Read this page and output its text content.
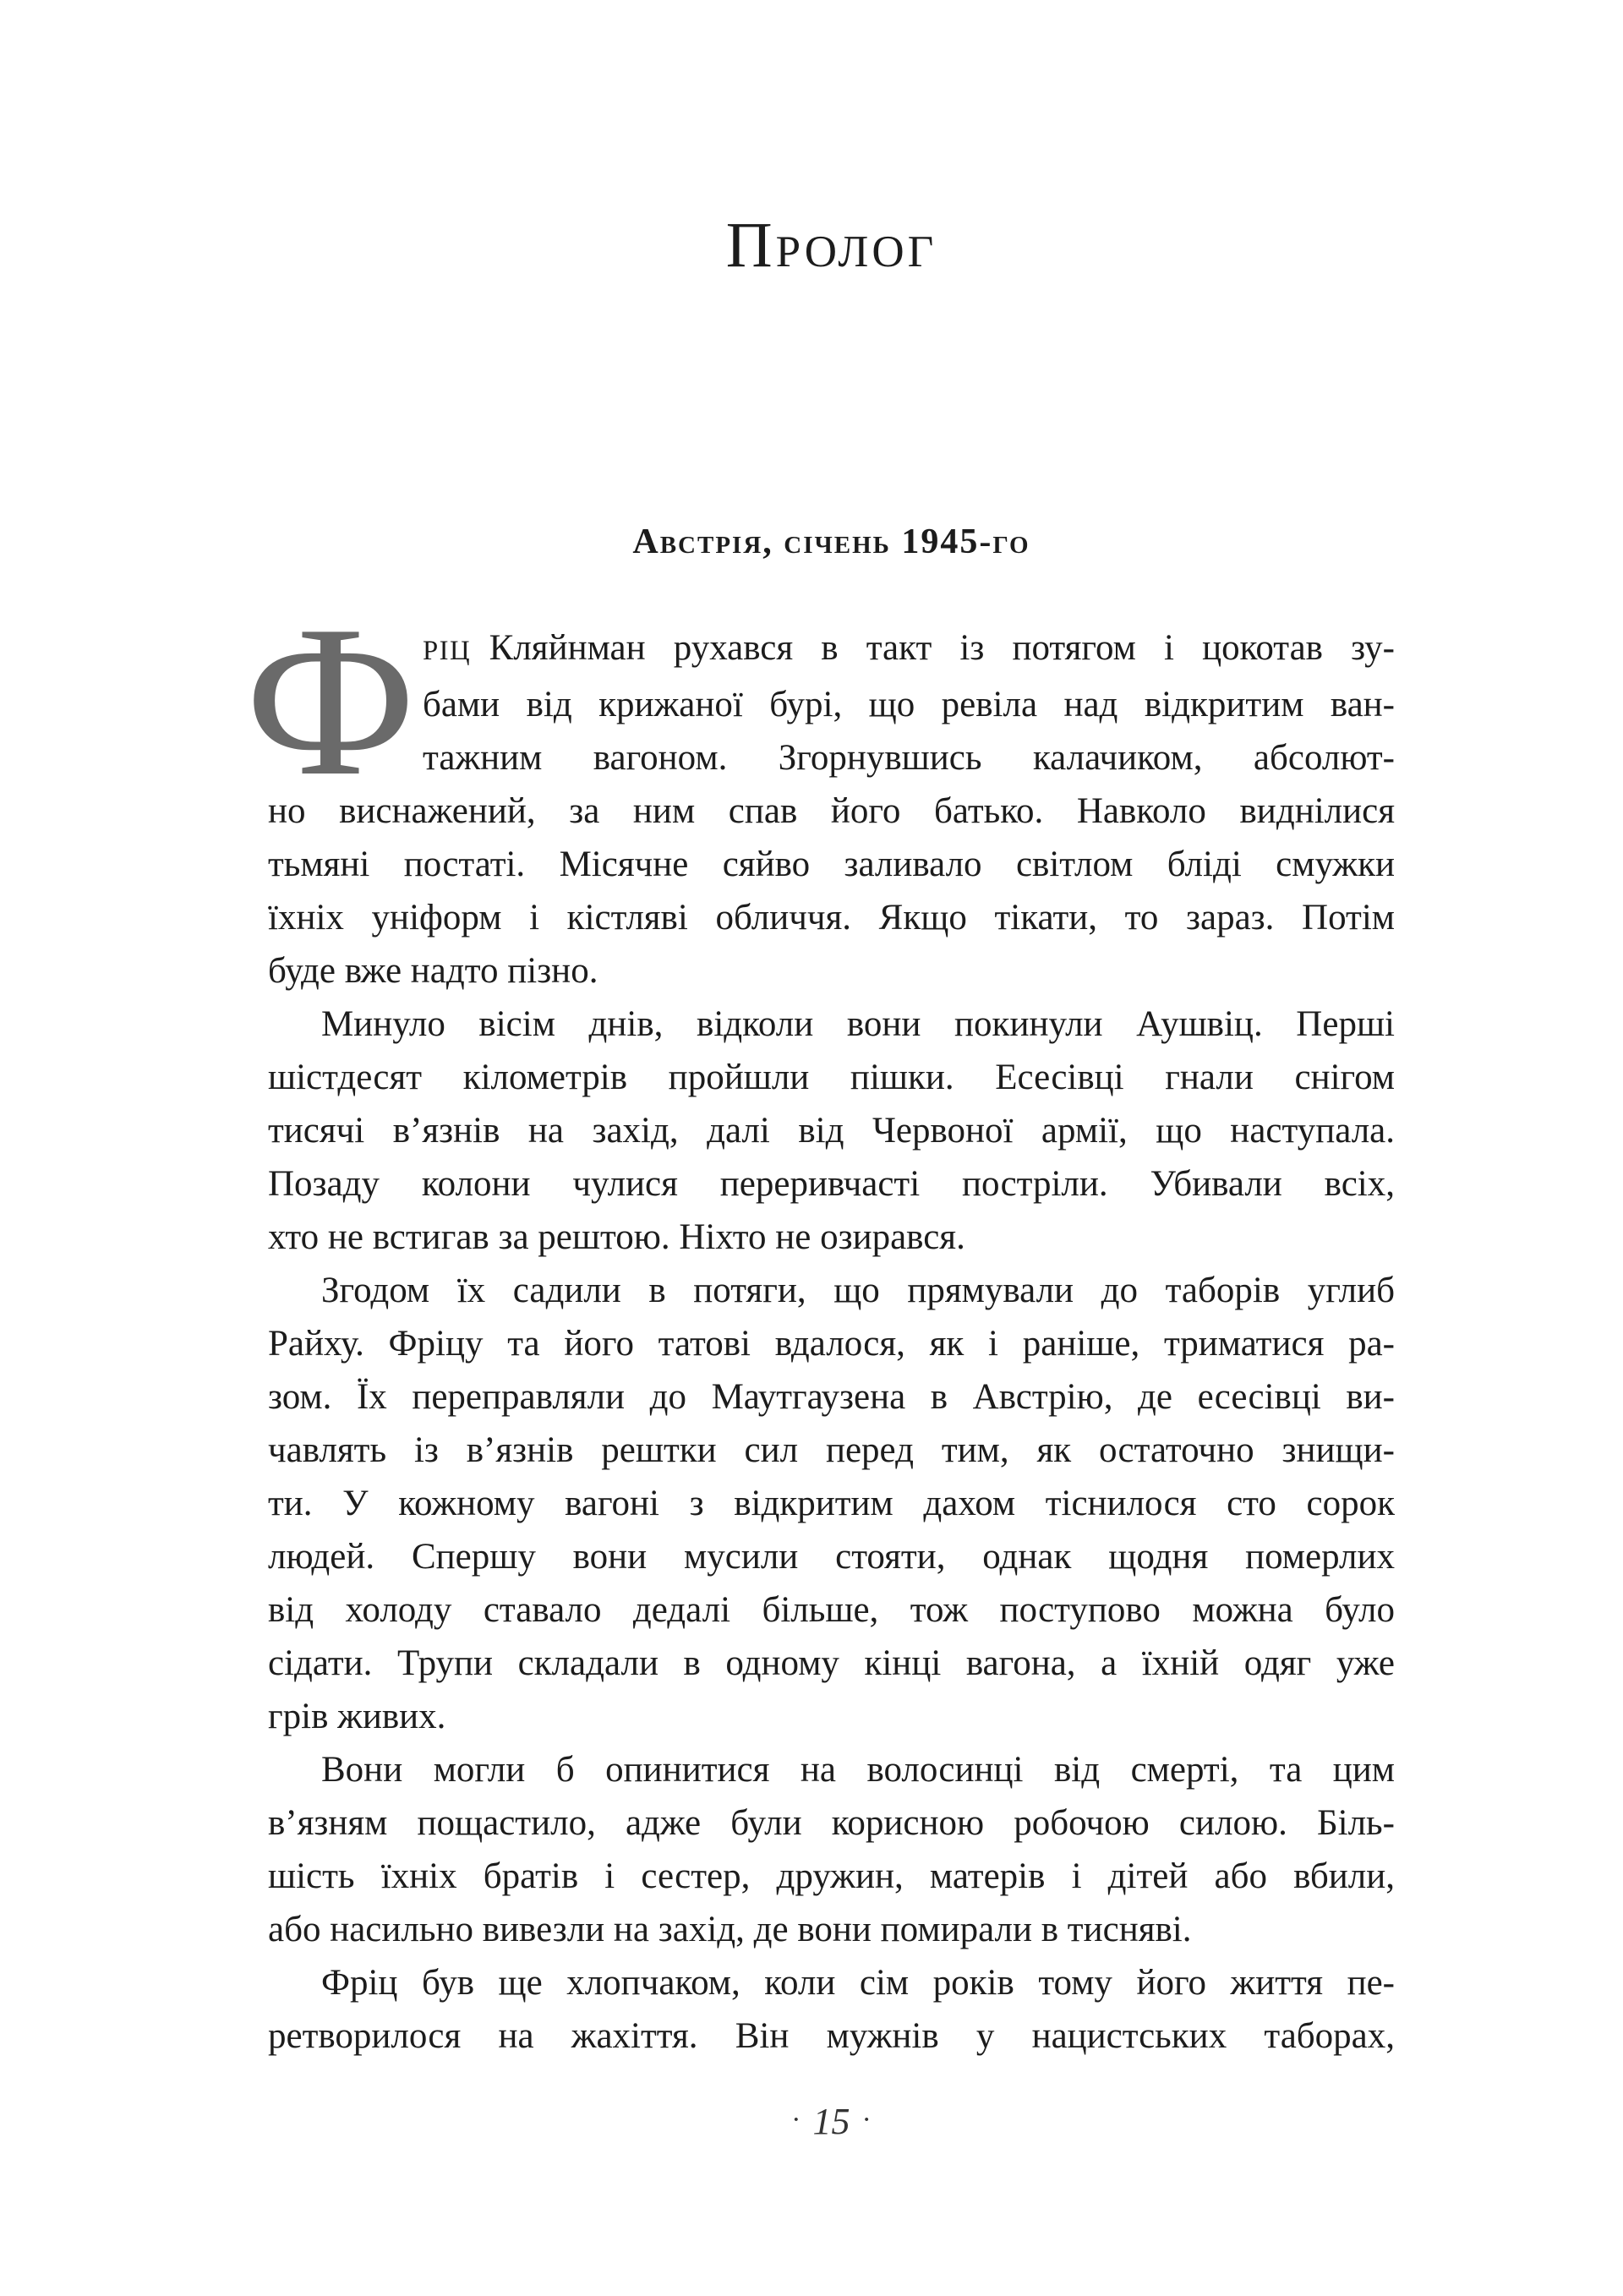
Пролог
Австрія, січень 1945-го
Ф РІЦ Кляйнман рухався в такт із потягом і цокотав зу-
бами від крижаної бурі, що ревіла над відкритим ван-
тажним вагоном. Згорнувшись калачиком, абсолют-
но виснажений, за ним спав його батько. Навколо виднілися
тьмяні постаті. Місячне сяйво заливало світлом бліді смужки
їхніх уніформ і кістляві обличчя. Якщо тікати, то зараз. Потім
буде вже надто пізно.
Минуло вісім днів, відколи вони покинули Аушвіц. Перші
шістдесят кілометрів пройшли пішки. Есесівці гнали снігом
тисячі в’язнів на захід, далі від Червоної армії, що наступала.
Позаду колони чулися переривчасті постріли. Убивали всіх,
хто не встигав за рештою. Ніхто не озирався.
Згодом їх садили в потяги, що прямували до таборів углиб
Райху. Фріцу та його татові вдалося, як і раніше, триматися ра-
зом. Їх переправляли до Маутгаузена в Австрію, де есесівці ви-
чавлять із в’язнів рештки сил перед тим, як остаточно знищи-
ти. У кожному вагоні з відкритим дахом тіснилося сто сорок
людей. Спершу вони мусили стояти, однак щодня померлих
від холоду ставало дедалі більше, тож поступово можна було
сідати. Трупи складали в одному кінці вагона, а їхній одяг уже
грів живих.
Вони могли б опинитися на волосинці від смерті, та цим
в’язням пощастило, адже були корисною робочою силою. Біль-
шість їхніх братів і сестер, дружин, матерів і дітей або вбили,
або насильно вивезли на захід, де вони помирали в тисняві.
Фріц був ще хлопчаком, коли сім років тому його життя пе-
ретворилося на жахіття. Він мужнів у нацистських таборах,
· 15 ·
